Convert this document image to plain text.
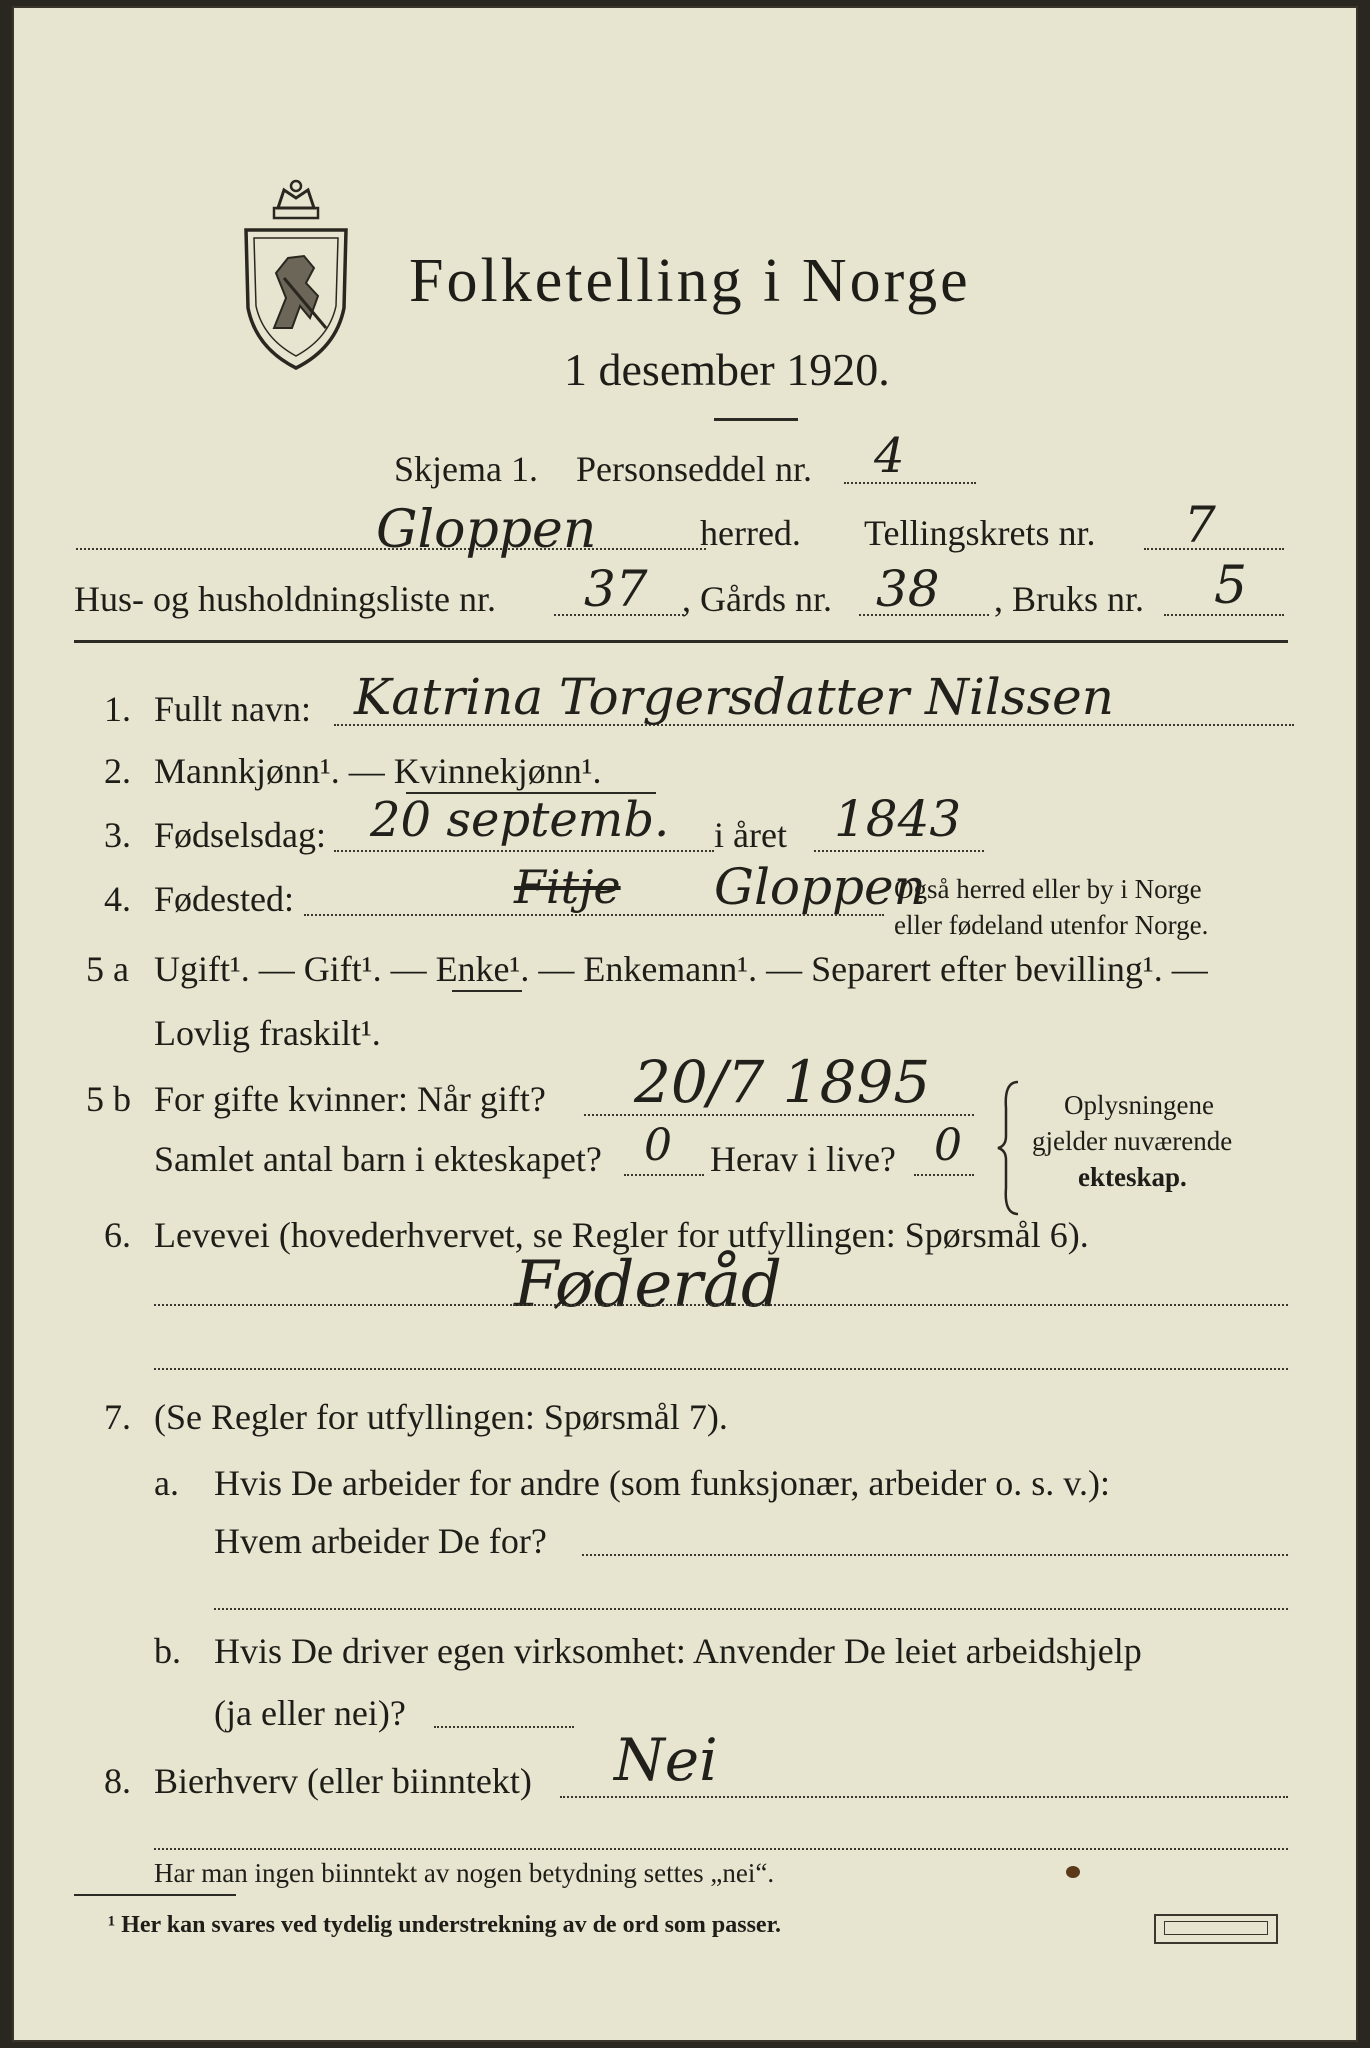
Folketelling i Norge
1 desember 1920.
Skjema 1. Personseddel nr. 4
Gloppen	herred. Tellingskrets nr. 7
Hus- og husholdningsliste nr. 37 , Gårds nr. 38 , Bruks nr. 5
1. Fullt navn: Katrina Torgersdatter Nilssen
2. Mannkjønn¹. — Kvinnekjønn¹.
3. Fødselsdag: 20 septemb. i året 1843
4. Fødested:	Fitje Gloppen
Også herred eller by i Norge
eller fødeland utenfor Norge.
5 a Ugift¹. — Gift¹. — Enke¹. — Enkemann¹. — Separert efter bevilling¹. —
Lovlig fraskilt¹.
5 b For gifte kvinner: Når gift? 20/7 1895
Samlet antal barn i ekteskapet? 0 Herav i live? 0
Oplysningene
gjelder nuværende
ekteskap.
6. Levevei (hovederhvervet, se Regler for utfyllingen: Spørsmål 6).
Føderåd
7. (Se Regler for utfyllingen: Spørsmål 7).
a. Hvis De arbeider for andre (som funksjonær, arbeider o. s. v.):
Hvem arbeider De for?
b. Hvis De driver egen virksomhet: Anvender De leiet arbeidshjelp
(ja eller nei)?
8. Bierhverv (eller biinntekt) Nei
Har man ingen biinntekt av nogen betydning settes „nei“.
¹ Her kan svares ved tydelig understrekning av de ord som passer.
